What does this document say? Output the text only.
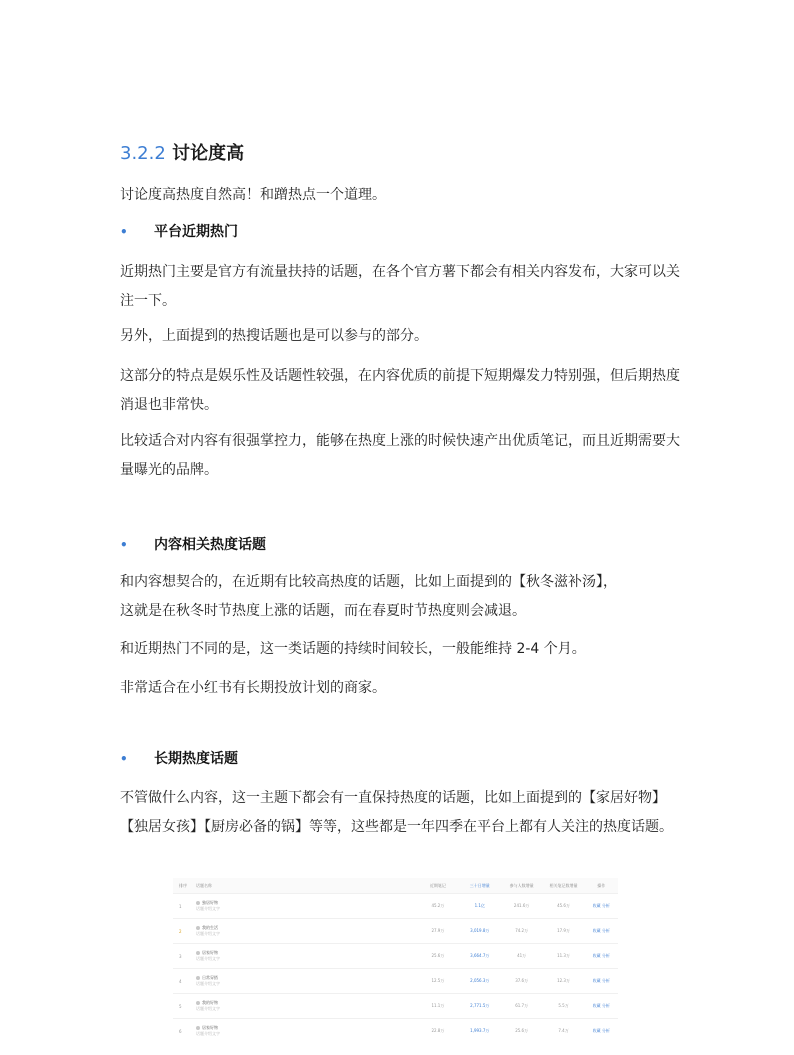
3.2.2 讨论度高

讨论度高热度自然高！和蹭热点一个道理。

• 平台近期热门

近期热门主要是官方有流量扶持的话题，在各个官方薯下都会有相关内容发布，大家可以关注一下。

另外，上面提到的热搜话题也是可以参与的部分。

这部分的特点是娱乐性及话题性较强，在内容优质的前提下短期爆发力特别强，但后期热度消退也非常快。

比较适合对内容有很强掌控力，能够在热度上涨的时候快速产出优质笔记，而且近期需要大量曝光的品牌。

• 内容相关热度话题

和内容想契合的，在近期有比较高热度的话题，比如上面提到的【秋冬滋补汤】，

这就是在秋冬时节热度上涨的话题，而在春夏时节热度则会减退。

和近期热门不同的是，这一类话题的持续时间较长，一般能维持 2-4 个月。

非常适合在小红书有长期投放计划的商家。

• 长期热度话题

不管做什么内容，这一主题下都会有一直保持热度的话题，比如上面提到的【家居好物】【独居女孩】【厨房必备的锅】等等，这些都是一年四季在平台上都有人关注的热度话题。

排序	话题名称	近期笔记	三十日增量	参与人数增量	相关笔记数增量	操作
1	独居好物
话题介绍文字	45.2万	1.1亿	241.6万	45.6万	收藏 分析
2	我的生活
话题介绍文字	27.9万	3,019.8万	74.2万	17.9万	收藏 分析
3	居家好物
话题介绍文字	25.6万	3,664.7万	41万	11.3万	收藏 分析
4	日常穿搭
话题介绍文字	12.5万	2,056.3万	37.6万	12.3万	收藏 分析
5	我的好物
话题介绍文字	11.1万	2,771.5万	61.7万	5.5万	收藏 分析
6	居家好物
话题介绍文字	22.8万	1,993.7万	25.6万	7.4万	收藏 分析
